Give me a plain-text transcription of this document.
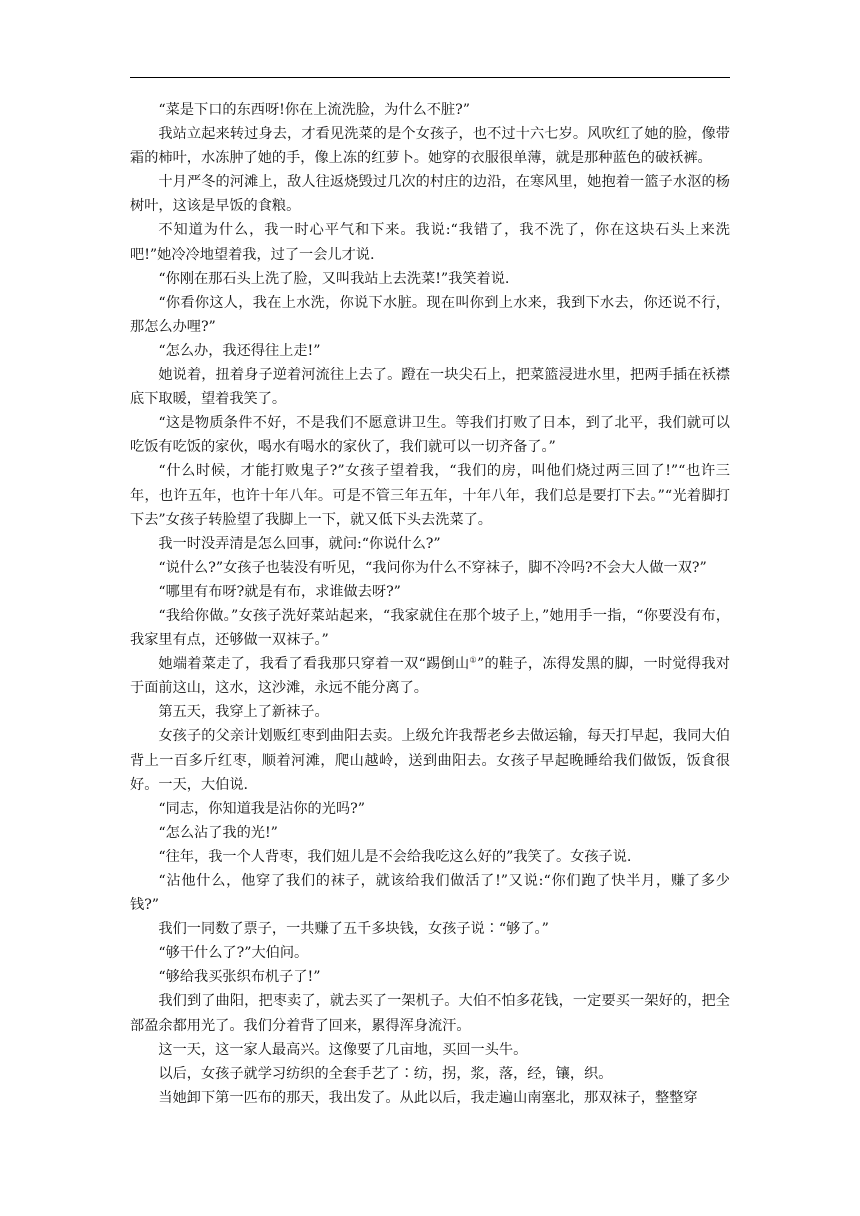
“菜是下口的东西呀!你在上流洗脸，为什么不脏?”

我站立起来转过身去，才看见洗菜的是个女孩子，也不过十六七岁。风吹红了她的脸，像带霜的柿叶，水冻肿了她的手，像上冻的红萝卜。她穿的衣服很单薄，就是那种蓝色的破袄裤。

十月严冬的河滩上，敌人往返烧毁过几次的村庄的边沿，在寒风里，她抱着一篮子水沤的杨树叶，这该是早饭的食粮。

不知道为什么，我一时心平气和下来。我说:“我错了，我不洗了，你在这块石头上来洗吧!”她冷冷地望着我，过了一会儿才说.

“你刚在那石头上洗了脸，又叫我站上去洗菜!”我笑着说.

“你看你这人，我在上水洗，你说下水脏。现在叫你到上水来，我到下水去，你还说不行，那怎么办哩?”

“怎么办，我还得往上走!”

她说着，扭着身子逆着河流往上去了。蹬在一块尖石上，把菜篮浸进水里，把两手插在袄襟底下取暖，望着我笑了。

“这是物质条件不好，不是我们不愿意讲卫生。等我们打败了日本，到了北平，我们就可以吃饭有吃饭的家伙，喝水有喝水的家伙了，我们就可以一切齐备了。”

“什么时候，才能打败鬼子?”女孩子望着我，“我们的房，叫他们烧过两三回了!”“也许三年，也许五年，也许十年八年。可是不管三年五年，十年八年，我们总是要打下去。”“光着脚打下去”女孩子转脸望了我脚上一下，就又低下头去洗菜了。

我一时没弄清是怎么回事，就问:“你说什么?”

“说什么?”女孩子也装没有听见，“我问你为什么不穿袜子，脚不冷吗?不会大人做一双?”

“哪里有布呀?就是有布，求谁做去呀?”

“我给你做。”女孩子洗好菜站起来，“我家就住在那个坡子上，”她用手一指，“你要没有布，我家里有点，还够做一双袜子。”

她端着菜走了，我看了看我那只穿着一双“踢倒山①”的鞋子，冻得发黑的脚，一时觉得我对于面前这山，这水，这沙滩，永远不能分离了。

第五天，我穿上了新袜子。

女孩子的父亲计划贩红枣到曲阳去卖。上级允许我帮老乡去做运输，每天打早起，我同大伯背上一百多斤红枣，顺着河滩，爬山越岭，送到曲阳去。女孩子早起晚睡给我们做饭，饭食很好。一天，大伯说.

“同志，你知道我是沾你的光吗?”

“怎么沾了我的光!”

“往年，我一个人背枣，我们妞儿是不会给我吃这么好的”我笑了。女孩子说.

“沾他什么，他穿了我们的袜子，就该给我们做活了!”又说:“你们跑了快半月，赚了多少钱?”

我们一同数了票子，一共赚了五千多块钱，女孩子说∶“够了。”

“够干什么了?”大伯问。

“够给我买张织布机子了!”

我们到了曲阳，把枣卖了，就去买了一架机子。大伯不怕多花钱，一定要买一架好的，把全部盈余都用光了。我们分着背了回来，累得浑身流汗。

这一天，这一家人最高兴。这像要了几亩地，买回一头牛。

以后，女孩子就学习纺织的全套手艺了∶纺，拐，浆，落，经，镶，织。

当她卸下第一匹布的那天，我出发了。从此以后，我走遍山南塞北，那双袜子，整整穿
